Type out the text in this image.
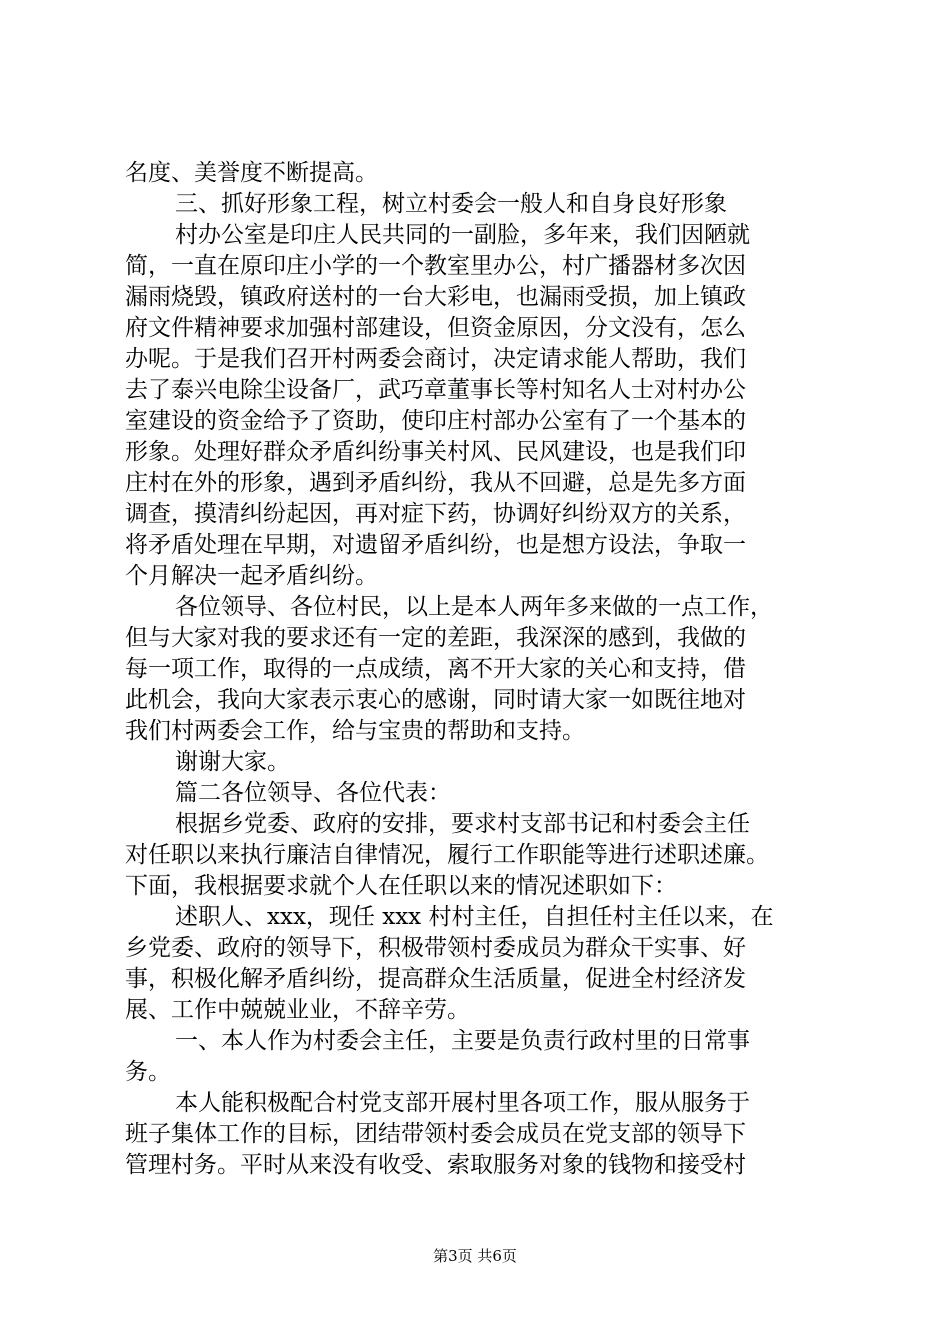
名度、美誉度不断提高。
三、抓好形象工程，树立村委会一般人和自身良好形象
村办公室是印庄人民共同的一副脸，多年来，我们因陋就
简，一直在原印庄小学的一个教室里办公，村广播器材多次因
漏雨烧毁，镇政府送村的一台大彩电，也漏雨受损，加上镇政
府文件精神要求加强村部建设，但资金原因，分文没有，怎么
办呢。于是我们召开村两委会商讨，决定请求能人帮助，我们
去了泰兴电除尘设备厂，武巧章董事长等村知名人士对村办公
室建设的资金给予了资助，使印庄村部办公室有了一个基本的
形象。处理好群众矛盾纠纷事关村风、民风建设，也是我们印
庄村在外的形象，遇到矛盾纠纷，我从不回避，总是先多方面
调查，摸清纠纷起因，再对症下药，协调好纠纷双方的关系，
将矛盾处理在早期，对遗留矛盾纠纷，也是想方设法，争取一
个月解决一起矛盾纠纷。
各位领导、各位村民，以上是本人两年多来做的一点工作，
但与大家对我的要求还有一定的差距，我深深的感到，我做的
每一项工作，取得的一点成绩，离不开大家的关心和支持，借
此机会，我向大家表示衷心的感谢，同时请大家一如既往地对
我们村两委会工作，给与宝贵的帮助和支持。
谢谢大家。
篇二各位领导、各位代表：
根据乡党委、政府的安排，要求村支部书记和村委会主任
对任职以来执行廉洁自律情况，履行工作职能等进行述职述廉。
下面，我根据要求就个人在任职以来的情况述职如下：
述职人、xxx，现任 xxx 村村主任，自担任村主任以来，在
乡党委、政府的领导下，积极带领村委成员为群众干实事、好
事，积极化解矛盾纠纷，提高群众生活质量，促进全村经济发
展、工作中兢兢业业，不辞辛劳。
一、本人作为村委会主任，主要是负责行政村里的日常事
务。
本人能积极配合村党支部开展村里各项工作，服从服务于
班子集体工作的目标，团结带领村委会成员在党支部的领导下
管理村务。平时从来没有收受、索取服务对象的钱物和接受村
第3页 共6页
